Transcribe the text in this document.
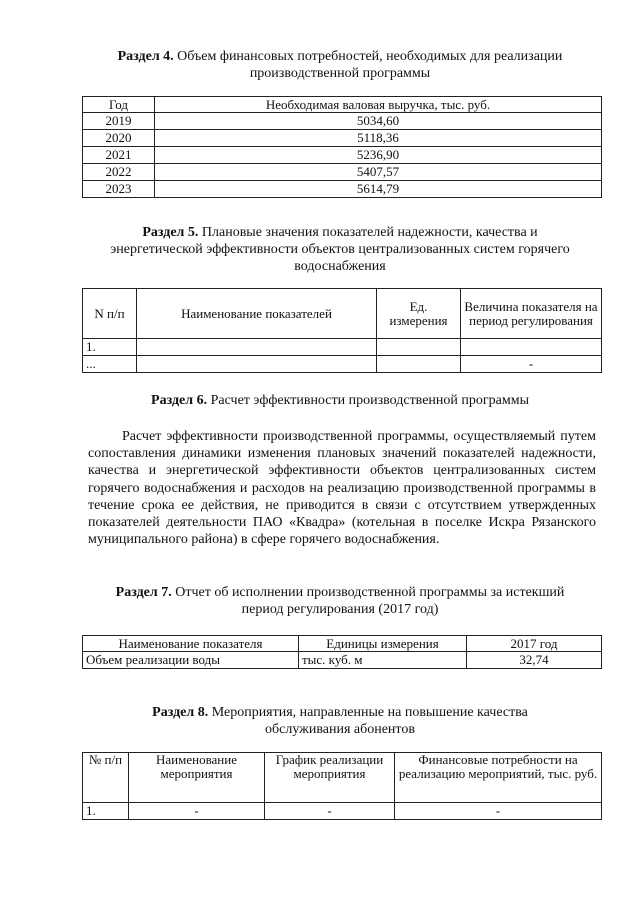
Раздел 4. Объем финансовых потребностей, необходимых для реализации
производственной программы
Год	Необходимая валовая выручка, тыс. руб.
2019	5034,60
2020	5118,36
2021	5236,90
2022	5407,57
2023	5614,79
Раздел 5. Плановые значения показателей надежности, качества и
энергетической эффективности объектов централизованных систем горячего
водоснабжения
N п/п	Наименование показателей	Ед. измерения	Величина показателя на период регулирования
1.			
...			-
Раздел 6. Расчет эффективности производственной программы

Расчет эффективности производственной программы, осуществляемый путем сопоставления динамики изменения плановых значений показателей надежности, качества и энергетической эффективности объектов централизованных систем горячего водоснабжения и расходов на реализацию производственной программы в течение срока ее действия, не приводится в связи с отсутствием утвержденных показателей деятельности ПАО «Квадра» (котельная в поселке Искра Рязанского муниципального района) в сфере горячего водоснабжения.

Раздел 7. Отчет об исполнении производственной программы за истекший
период регулирования (2017 год)
Наименование показателя	Единицы измерения	2017 год
Объем реализации воды	тыс. куб. м	32,74
Раздел 8. Мероприятия, направленные на повышение качества
обслуживания абонентов
№ п/п	Наименование мероприятия	График реализации мероприятия	Финансовые потребности на реализацию мероприятий, тыс. руб.
1.	-	-	-
